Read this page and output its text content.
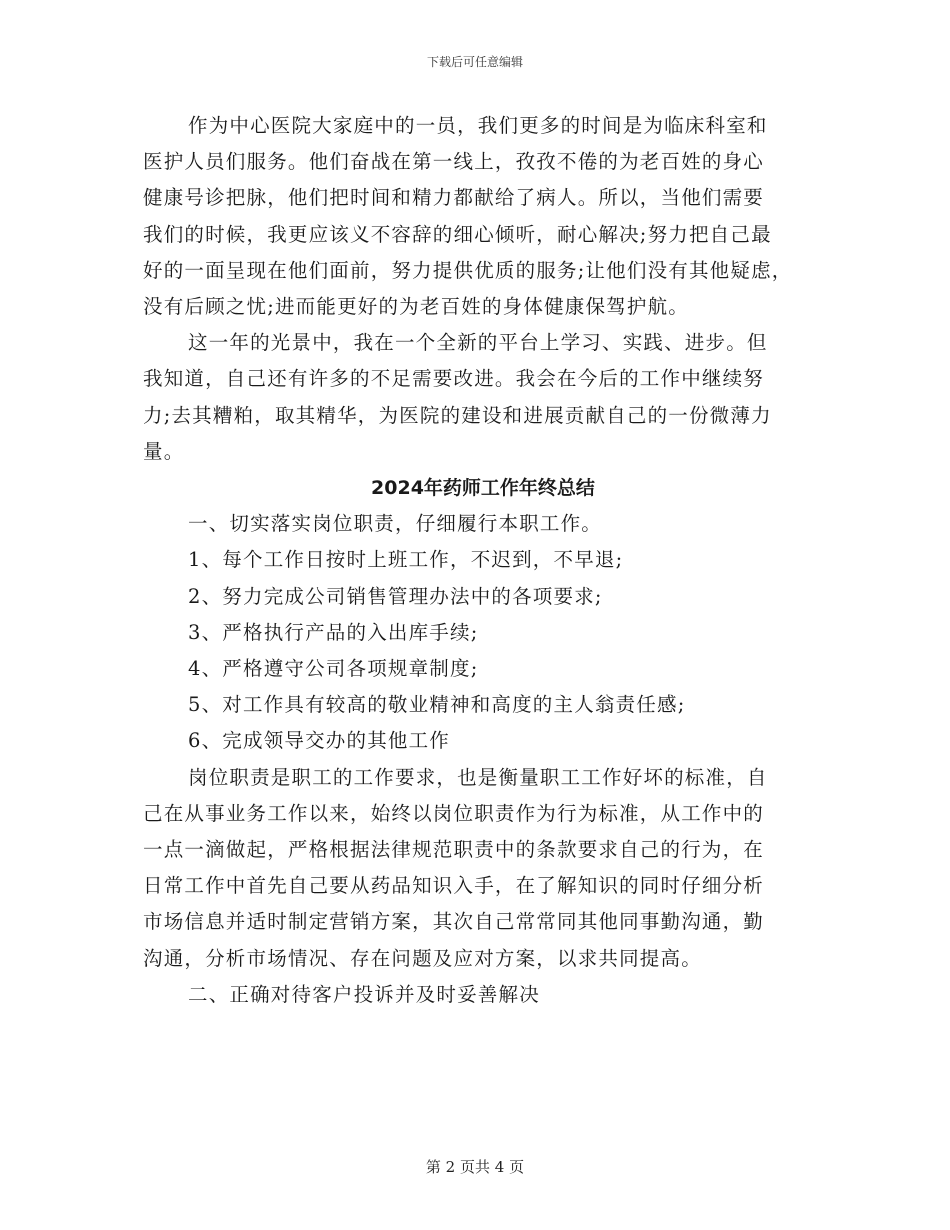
下载后可任意编辑

作为中心医院大家庭中的一员，我们更多的时间是为临床科室和

医护人员们服务。他们奋战在第一线上，孜孜不倦的为老百姓的身心

健康号诊把脉，他们把时间和精力都献给了病人。所以，当他们需要

我们的时候，我更应该义不容辞的细心倾听，耐心解决;努力把自己最

好的一面呈现在他们面前，努力提供优质的服务;让他们没有其他疑虑，

没有后顾之忧;进而能更好的为老百姓的身体健康保驾护航。

这一年的光景中，我在一个全新的平台上学习、实践、进步。但

我知道，自己还有许多的不足需要改进。我会在今后的工作中继续努

力;去其糟粕，取其精华，为医院的建设和进展贡献自己的一份微薄力

量。

2024年药师工作年终总结

一、切实落实岗位职责，仔细履行本职工作。

1、每个工作日按时上班工作，不迟到，不早退;

2、努力完成公司销售管理办法中的各项要求;

3、严格执行产品的入出库手续;

4、严格遵守公司各项规章制度;

5、对工作具有较高的敬业精神和高度的主人翁责任感;

6、完成领导交办的其他工作

岗位职责是职工的工作要求，也是衡量职工工作好坏的标准，自

己在从事业务工作以来，始终以岗位职责作为行为标准，从工作中的

一点一滴做起，严格根据法律规范职责中的条款要求自己的行为，在

日常工作中首先自己要从药品知识入手，在了解知识的同时仔细分析

市场信息并适时制定营销方案，其次自己常常同其他同事勤沟通，勤

沟通，分析市场情况、存在问题及应对方案，以求共同提高。

二、正确对待客户投诉并及时妥善解决

第 2 页共 4 页
